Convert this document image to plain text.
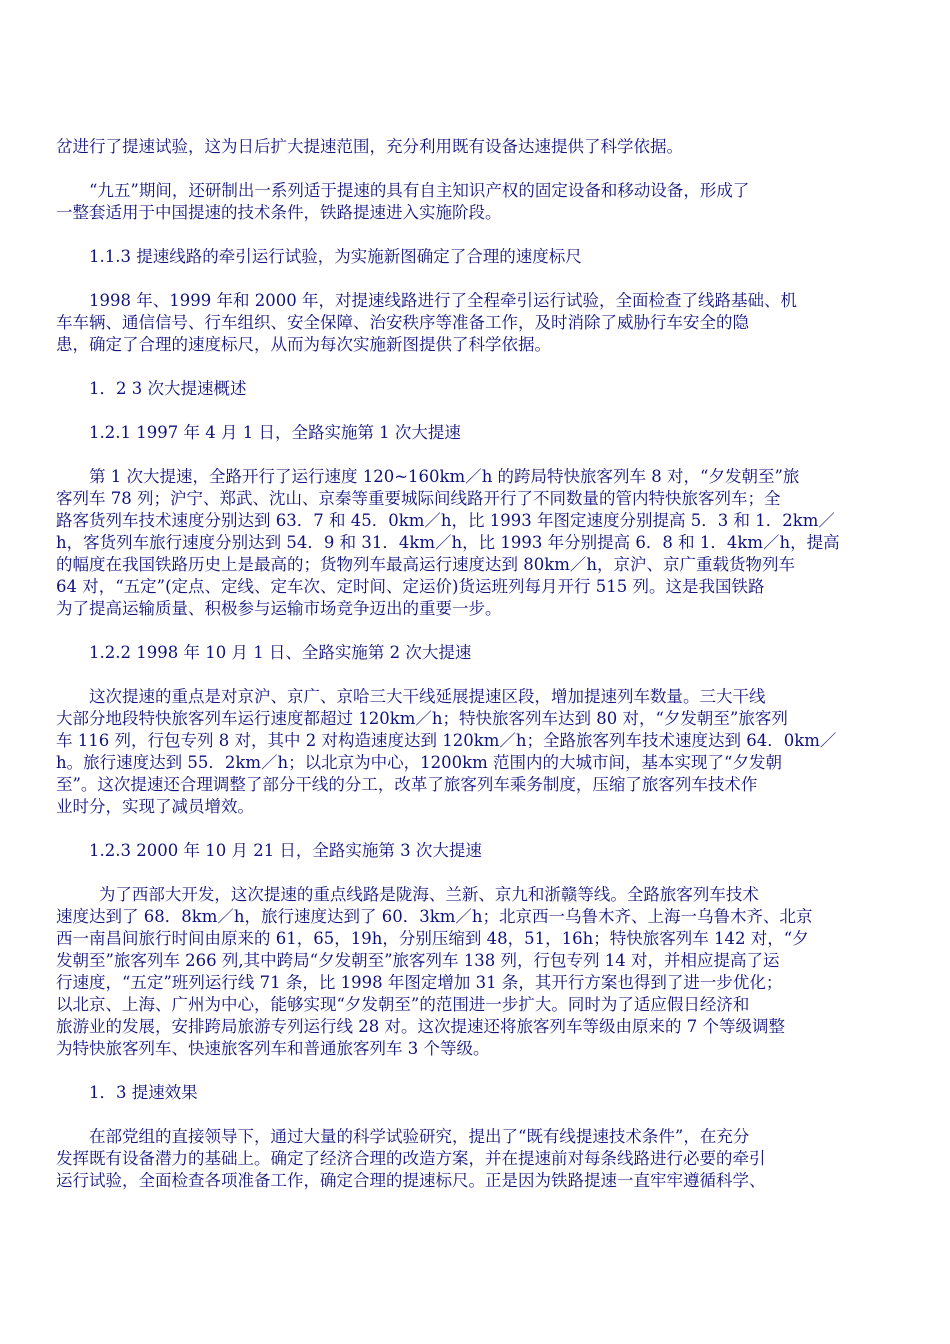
岔进行了提速试验，这为日后扩大提速范围，充分利用既有设备达速提供了科学依据。

“九五”期间，还研制出一系列适于提速的具有自主知识产权的固定设备和移动设备，形成了
一整套适用于中国提速的技术条件，铁路提速进入实施阶段。

1.1.3 提速线路的牵引运行试验，为实施新图确定了合理的速度标尺

1998 年、1999 年和 2000 年，对提速线路进行了全程牵引运行试验，全面检查了线路基础、机
车车辆、通信信号、行车组织、安全保障、治安秩序等准备工作，及时消除了威胁行车安全的隐
患，确定了合理的速度标尺，从而为每次实施新图提供了科学依据。

1．2 3 次大提速概述

1.2.1 1997 年 4 月 1 日，全路实施第 1 次大提速

第 1 次大提速，全路开行了运行速度 120~160km／h 的跨局特快旅客列车 8 对，“夕发朝至”旅
客列车 78 列；沪宁、郑武、沈山、京秦等重要城际间线路开行了不同数量的管内特快旅客列车；全
路客货列车技术速度分别达到 63．7 和 45．0km／h，比 1993 年图定速度分别提高 5．3 和 1．2km／
h，客货列车旅行速度分别达到 54．9 和 31．4km／h，比 1993 年分别提高 6．8 和 1．4km／h，提高
的幅度在我国铁路历史上是最高的；货物列车最高运行速度达到 80km／h，京沪、京广重载货物列车
64 对，“五定”(定点、定线、定车次、定时间、定运价)货运班列每月开行 515 列。这是我国铁路
为了提高运输质量、积极参与运输市场竞争迈出的重要一步。

1.2.2 1998 年 10 月 1 日、全路实施第 2 次大提速

这次提速的重点是对京沪、京广、京哈三大干线延展提速区段，增加提速列车数量。三大干线
大部分地段特快旅客列车运行速度都超过 120km／h；特快旅客列车达到 80 对，“夕发朝至”旅客列
车 116 列，行包专列 8 对，其中 2 对构造速度达到 120km／h；全路旅客列车技术速度达到 64．0km／
h。旅行速度达到 55．2km／h；以北京为中心，1200km 范围内的大城市间，基本实现了“夕发朝
至”。这次提速还合理调整了部分干线的分工，改革了旅客列车乘务制度，压缩了旅客列车技术作
业时分，实现了减员增效。

1.2.3 2000 年 10 月 21 日，全路实施第 3 次大提速

为了西部大开发，这次提速的重点线路是陇海、兰新、京九和浙赣等线。全路旅客列车技术
速度达到了 68．8km／h，旅行速度达到了 60．3km／h；北京西一乌鲁木齐、上海一乌鲁木齐、北京
西一南昌间旅行时间由原来的 61，65，19h，分别压缩到 48，51，16h；特快旅客列车 142 对，“夕
发朝至”旅客列车 266 列,其中跨局“夕发朝至”旅客列车 138 列，行包专列 14 对，并相应提高了运
行速度，“五定”班列运行线 71 条，比 1998 年图定增加 31 条，其开行方案也得到了进一步优化；
以北京、上海、广州为中心，能够实现“夕发朝至”的范围进一步扩大。同时为了适应假日经济和
旅游业的发展，安排跨局旅游专列运行线 28 对。这次提速还将旅客列车等级由原来的 7 个等级调整
为特快旅客列车、快速旅客列车和普通旅客列车 3 个等级。

1．3 提速效果

在部党组的直接领导下，通过大量的科学试验研究，提出了“既有线提速技术条件”，在充分
发挥既有设备潜力的基础上。确定了经济合理的改造方案，并在提速前对每条线路进行必要的牵引
运行试验，全面检查各项准备工作，确定合理的提速标尺。正是因为铁路提速一直牢牢遵循科学、
